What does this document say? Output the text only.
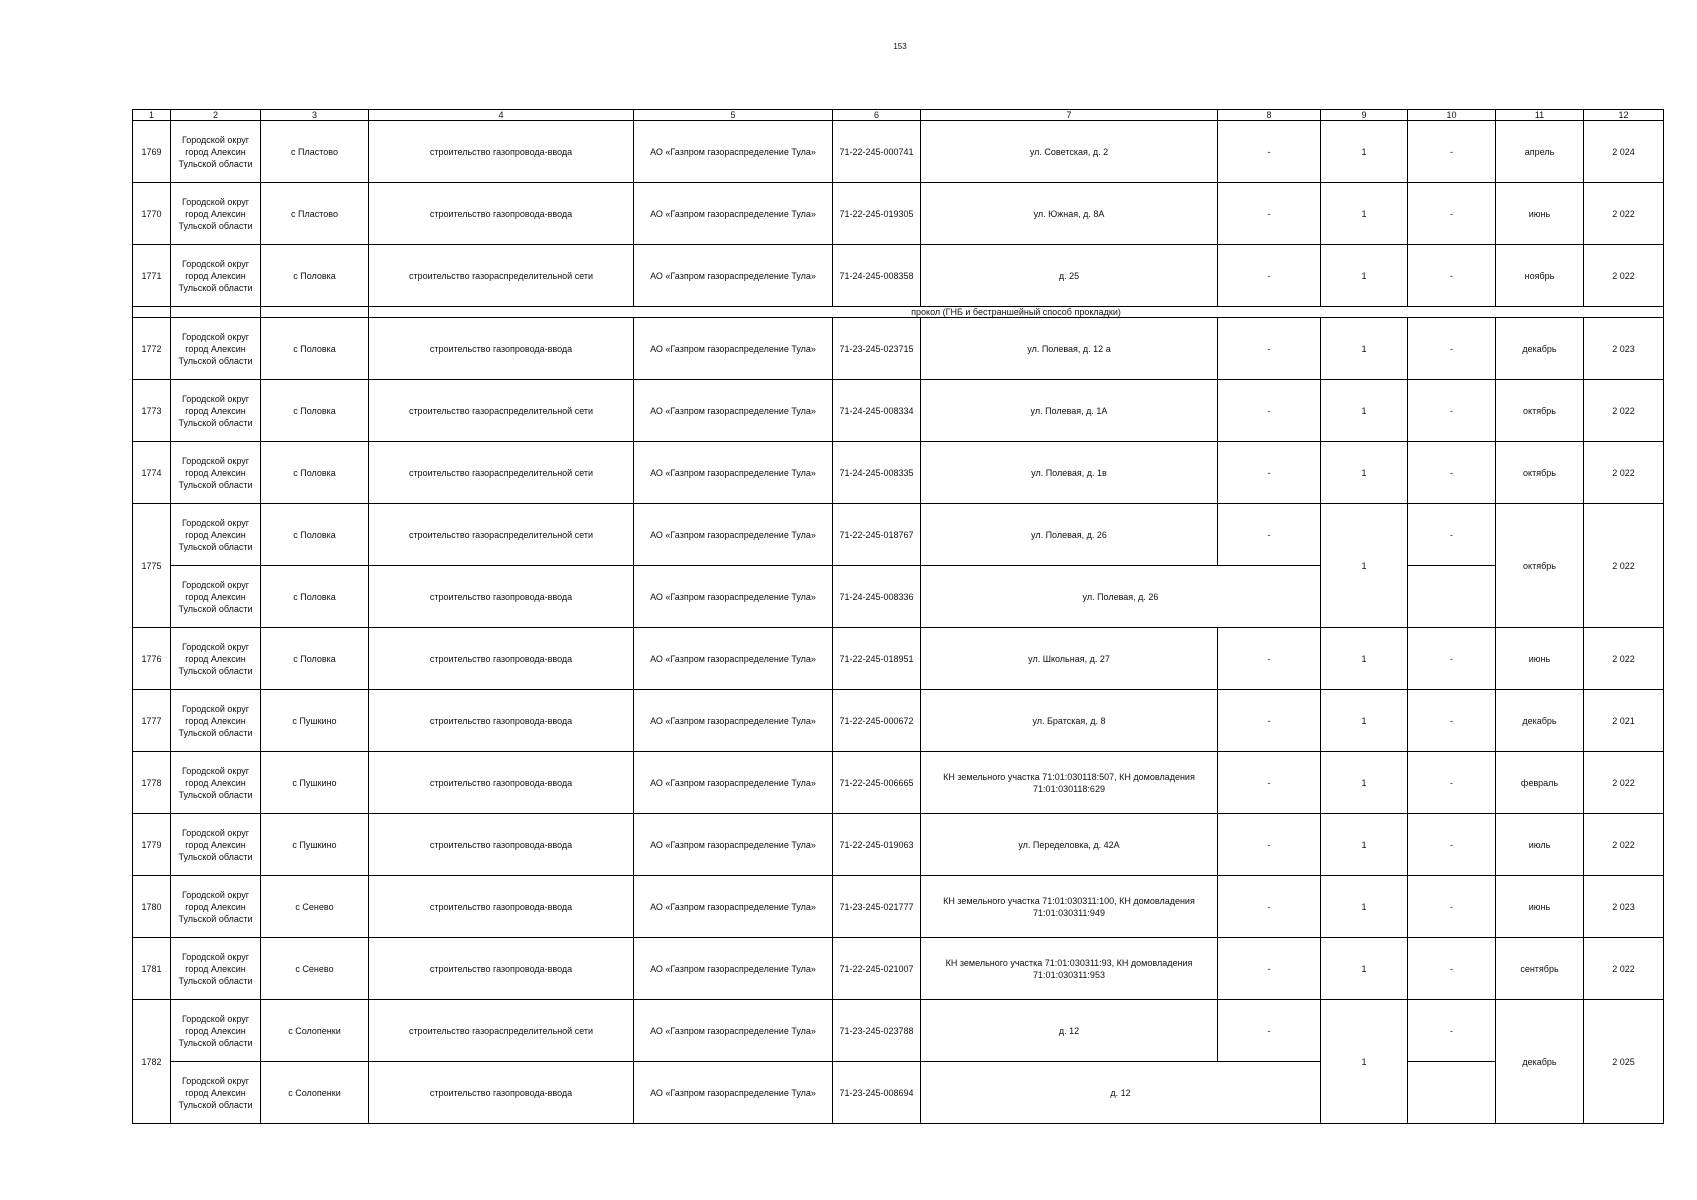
153
1	2	3	4	5	6	7	8	9	10	11	12
1769	Городской округ город Алексин Тульской области	с Пластово	строительство газопровода-ввода	АО «Газпром газораспределение Тула»	71-22-245-000741	ул. Советская, д. 2	-	1	-	апрель	2 024
1770	Городской округ город Алексин Тульской области	с Пластово	строительство газопровода-ввода	АО «Газпром газораспределение Тула»	71-22-245-019305	ул. Южная, д. 8А	-	1	-	июнь	2 022
1771	Городской округ город Алексин Тульской области	с Половка	строительство газораспределительной сети	АО «Газпром газораспределение Тула»	71-24-245-008358	д. 25	-	1	-	ноябрь	2 022
			прокол (ГНБ и бестраншейный способ прокладки)								
1772	Городской округ город Алексин Тульской области	с Половка	строительство газопровода-ввода	АО «Газпром газораспределение Тула»	71-23-245-023715	ул. Полевая, д. 12 а	-	1	-	декабрь	2 023
1773	Городской округ город Алексин Тульской области	с Половка	строительство газораспределительной сети	АО «Газпром газораспределение Тула»	71-24-245-008334	ул. Полевая, д. 1А	-	1	-	октябрь	2 022
1774	Городской округ город Алексин Тульской области	с Половка	строительство газораспределительной сети	АО «Газпром газораспределение Тула»	71-24-245-008335	ул. Полевая, д. 1в	-	1	-	октябрь	2 022
1775	Городской округ город Алексин Тульской области	с Половка	строительство газораспределительной сети	АО «Газпром газораспределение Тула»	71-22-245-018767	ул. Полевая, д. 26	-	1	-	октябрь	2 022
	Городской округ город Алексин Тульской области	с Половка	строительство газопровода-ввода	АО «Газпром газораспределение Тула»	71-24-245-008336	ул. Полевая, д. 26					
1776	Городской округ город Алексин Тульской области	с Половка	строительство газопровода-ввода	АО «Газпром газораспределение Тула»	71-22-245-018951	ул. Школьная, д. 27	-	1	-	июнь	2 022
1777	Городской округ город Алексин Тульской области	с Пушкино	строительство газопровода-ввода	АО «Газпром газораспределение Тула»	71-22-245-000672	ул. Братская, д. 8	-	1	-	декабрь	2 021
1778	Городской округ город Алексин Тульской области	с Пушкино	строительство газопровода-ввода	АО «Газпром газораспределение Тула»	71-22-245-006665	КН земельного участка 71:01:030118:507, КН домовладения 71:01:030118:629	-	1	-	февраль	2 022
1779	Городской округ город Алексин Тульской области	с Пушкино	строительство газопровода-ввода	АО «Газпром газораспределение Тула»	71-22-245-019063	ул. Переделовка, д. 42А	-	1	-	июль	2 022
1780	Городской округ город Алексин Тульской области	с Сенево	строительство газопровода-ввода	АО «Газпром газораспределение Тула»	71-23-245-021777	КН земельного участка 71:01:030311:100, КН домовладения 71:01:030311:949	-	1	-	июнь	2 023
1781	Городской округ город Алексин Тульской области	с Сенево	строительство газопровода-ввода	АО «Газпром газораспределение Тула»	71-22-245-021007	КН земельного участка 71:01:030311:93, КН домовладения 71:01:030311:953	-	1	-	сентябрь	2 022
1782	Городской округ город Алексин Тульской области	с Солопенки	строительство газораспределительной сети	АО «Газпром газораспределение Тула»	71-23-245-023788	д. 12	-	1	-	декабрь	2 025
	Городской округ город Алексин Тульской области	с Солопенки	строительство газопровода-ввода	АО «Газпром газораспределение Тула»	71-23-245-008694	д. 12					
